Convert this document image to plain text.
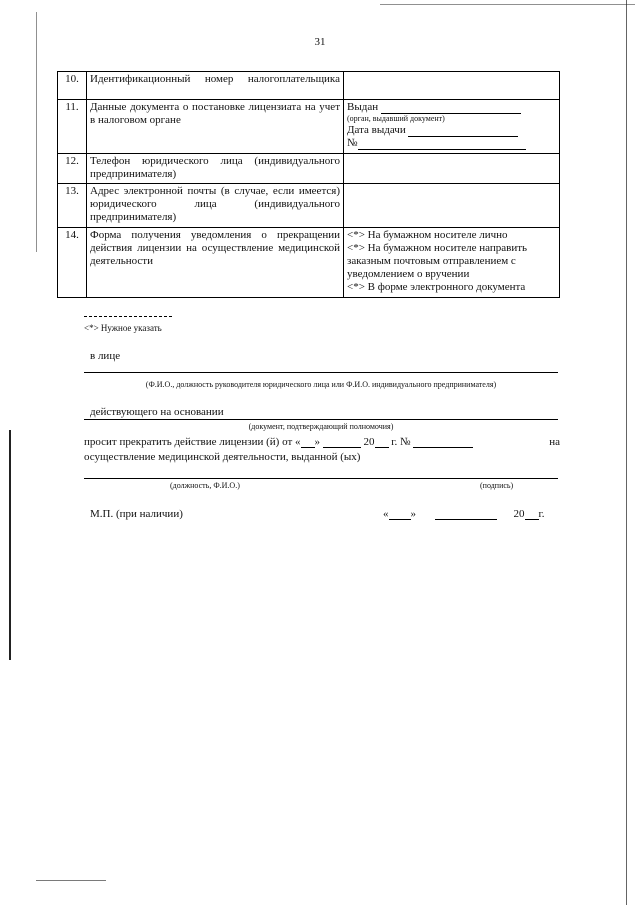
31
10.	Идентификационный номер налогоплательщика	
11.	Данные документа о постановке лицензиата на учет в налоговом органе	Выдан
(орган, выдавший документ)
Дата выдачи
№

12.	Телефон юридического лица (индивидуального предпринимателя)	
13.	Адрес электронной почты (в случае, если имеется) юридического лица (индивидуального предпринимателя)	
14.	Форма получения уведомления о прекращении действия лицензии на осуществление медицинской деятельности	<*> На бумажном носителе лично
<*> На бумажном носителе направить заказным почтовым отправлением с уведомлением о вручении
<*> В форме электронного документа
<*> Нужное указать
в лице
(Ф.И.О., должность руководителя юридического лица или Ф.И.О. индивидуального предпринимателя)
действующего на основании
(документ, подтверждающий полномочия)
просит прекратить действие лицензии (й) от « »	20 г. №	на
осуществление медицинской деятельности, выданной (ых)
(должность, Ф.И.О.)	(подпись)
М.П. (при наличии)	« »	20 г.
